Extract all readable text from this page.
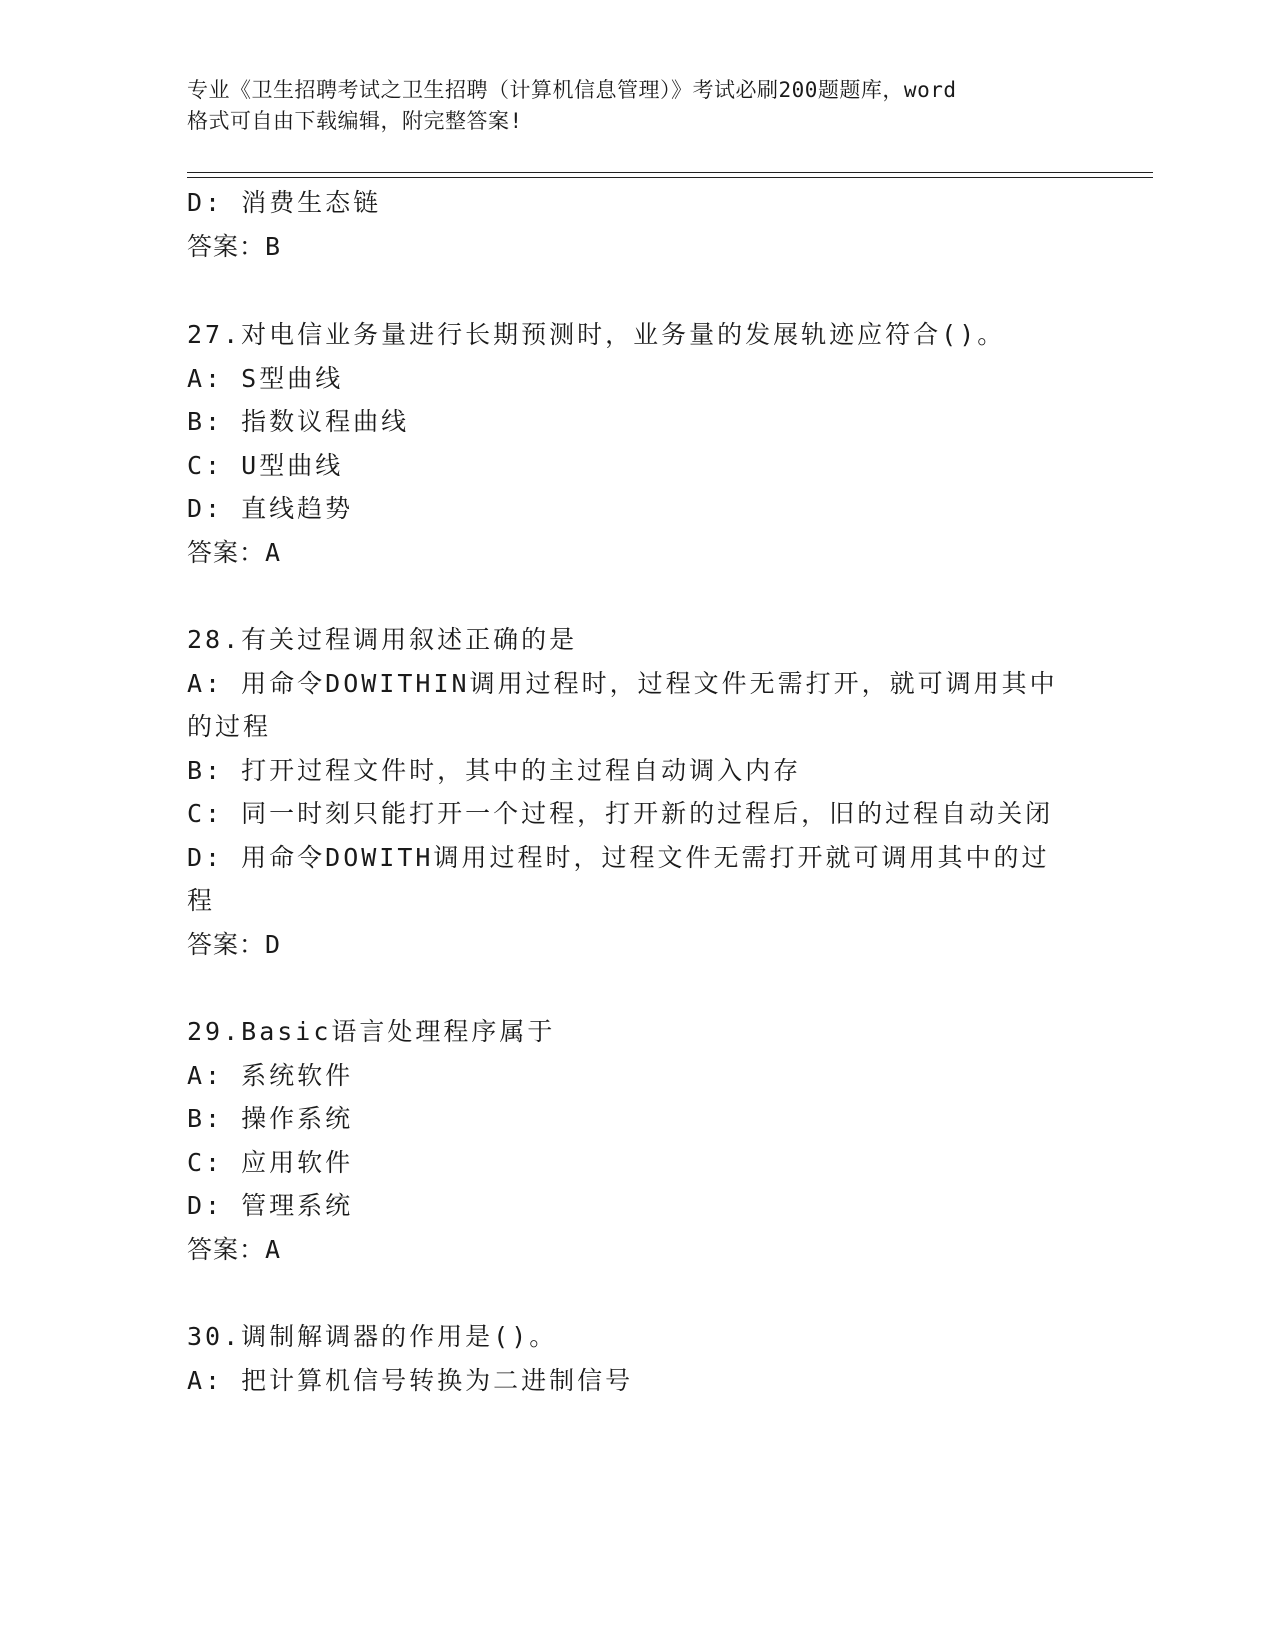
专业《卫生招聘考试之卫生招聘（计算机信息管理）》考试必刷200题题库，word
格式可自由下载编辑，附完整答案!
D: 消费生态链
答案：B
27.对电信业务量进行长期预测时，业务量的发展轨迹应符合()。
A: S型曲线
B: 指数议程曲线
C: U型曲线
D: 直线趋势
答案：A
28.有关过程调用叙述正确的是
A: 用命令DOWITHIN调用过程时，过程文件无需打开，就可调用其中
的过程
B: 打开过程文件时，其中的主过程自动调入内存
C: 同一时刻只能打开一个过程，打开新的过程后，旧的过程自动关闭
D: 用命令DOWITH调用过程时，过程文件无需打开就可调用其中的过
程
答案：D
29.Basic语言处理程序属于
A: 系统软件
B: 操作系统
C: 应用软件
D: 管理系统
答案：A
30.调制解调器的作用是()。
A: 把计算机信号转换为二进制信号
